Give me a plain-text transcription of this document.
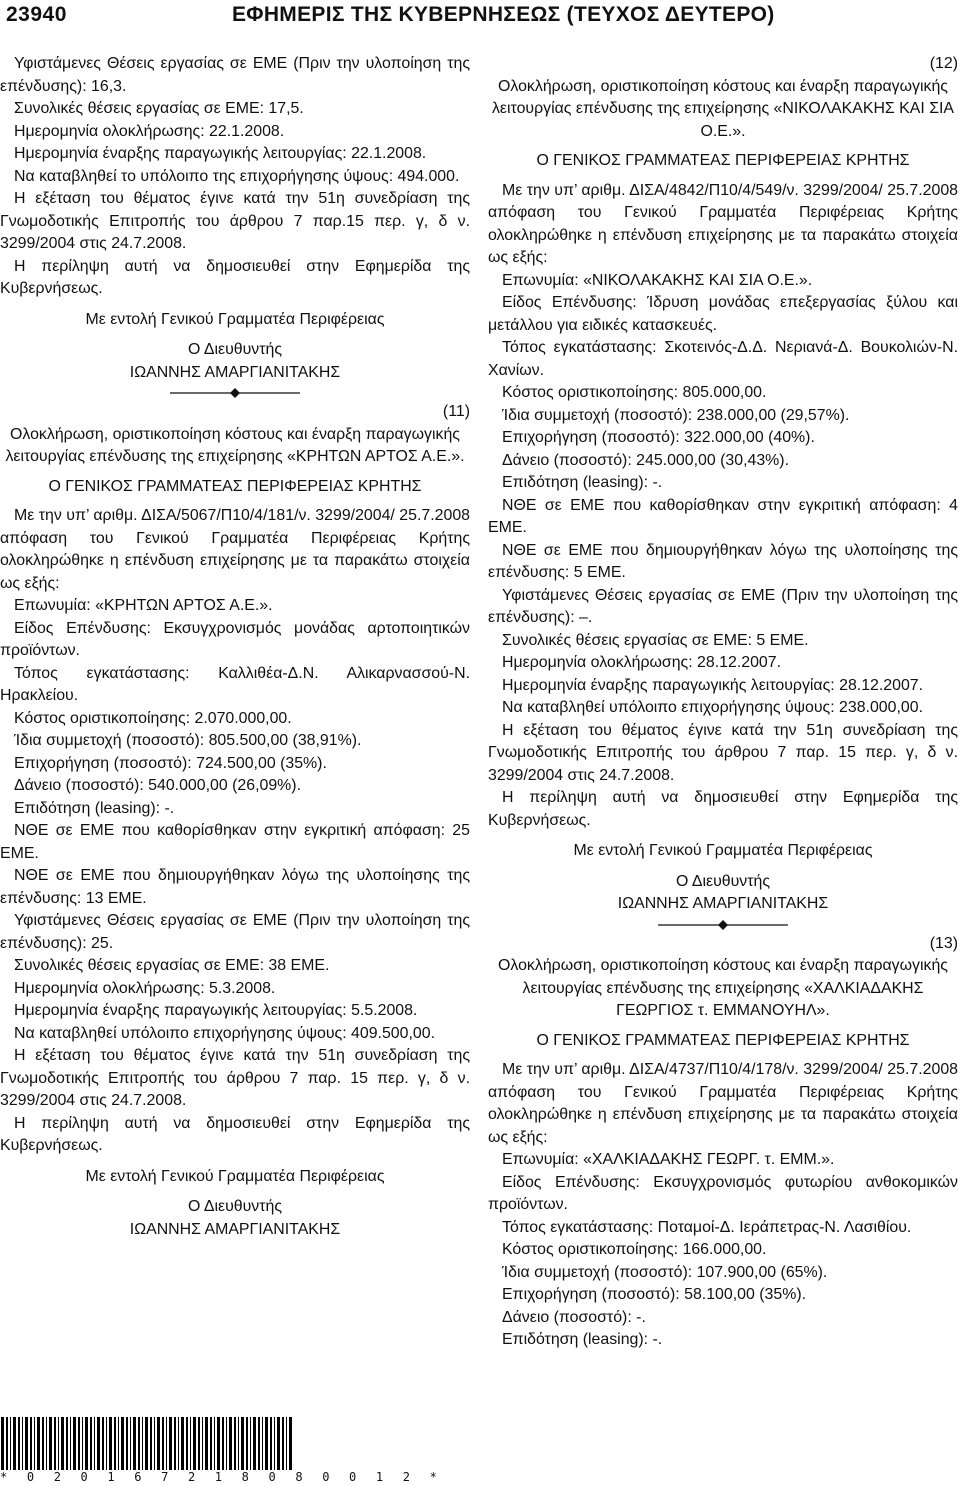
23940	ΕΦΗΜΕΡΙΣ ΤΗΣ ΚΥΒΕΡΝΗΣΕΩΣ (ΤΕΥΧΟΣ ΔΕΥΤΕΡΟ)

Υφιστάμενες Θέσεις εργασίας σε ΕΜΕ (Πριν την υλοποίηση της επένδυσης): 16,3.

Συνολικές θέσεις εργασίας σε ΕΜΕ: 17,5.

Ημερομηνία ολοκλήρωσης: 22.1.2008.

Ημερομηνία έναρξης παραγωγικής λειτουργίας: 22.1.2008.

Να καταβληθεί το υπόλοιπο της επιχορήγησης ύψους: 494.000.

Η εξέταση του θέματος έγινε κατά την 51η συνεδρίαση της Γνωμοδοτικής Επιτροπής του άρθρου 7 παρ.15 περ. γ, δ ν. 3299/2004 στις 24.7.2008.

Η περίληψη αυτή να δημοσιευθεί στην Εφημερίδα της Κυβερνήσεως.

Με εντολή Γενικού Γραμματέα Περιφέρειας

Ο Διευθυντής

ΙΩΑΝΝΗΣ ΑΜΑΡΓΙΑΝΙΤΑΚΗΣ

(11)

Ολοκλήρωση, οριστικοποίηση κόστους και έναρξη παραγωγικής λειτουργίας επένδυσης της επιχείρησης «ΚΡΗΤΩΝ ΑΡΤΟΣ Α.Ε.».

Ο ΓΕΝΙΚΟΣ ΓΡΑΜΜΑΤΕΑΣ ΠΕΡΙΦΕΡΕΙΑΣ ΚΡΗΤΗΣ

Με την υπ’ αριθμ. ΔΙΣΑ/5067/Π10/4/181/ν. 3299/2004/ 25.7.2008 απόφαση του Γενικού Γραμματέα Περιφέρειας Κρήτης ολοκληρώθηκε η επένδυση επιχείρησης με τα παρακάτω στοιχεία ως εξής:

Επωνυμία: «ΚΡΗΤΩΝ ΑΡΤΟΣ Α.Ε.».

Είδος Επένδυσης: Εκσυγχρονισμός μονάδας αρτοποιητικών προϊόντων.

Τόπος εγκατάστασης: Καλλιθέα-Δ.Ν. Αλικαρνασσού-Ν. Ηρακλείου.

Κόστος οριστικοποίησης: 2.070.000,00.

Ίδια συμμετοχή (ποσοστό): 805.500,00 (38,91%).

Επιχορήγηση (ποσοστό): 724.500,00 (35%).

Δάνειο (ποσοστό): 540.000,00 (26,09%).

Επιδότηση (leasing): -.

ΝΘΕ σε ΕΜΕ που καθορίσθηκαν στην εγκριτική απόφαση: 25 ΕΜΕ.

ΝΘΕ σε ΕΜΕ που δημιουργήθηκαν λόγω της υλοποίησης της επένδυσης: 13 ΕΜΕ.

Υφιστάμενες Θέσεις εργασίας σε ΕΜΕ (Πριν την υλοποίηση της επένδυσης): 25.

Συνολικές θέσεις εργασίας σε ΕΜΕ: 38 ΕΜΕ.

Ημερομηνία ολοκλήρωσης: 5.3.2008.

Ημερομηνία έναρξης παραγωγικής λειτουργίας: 5.5.2008.

Να καταβληθεί υπόλοιπο επιχορήγησης ύψους: 409.500,00.

Η εξέταση του θέματος έγινε κατά την 51η συνεδρίαση της Γνωμοδοτικής Επιτροπής του άρθρου 7 παρ. 15 περ. γ, δ ν. 3299/2004 στις 24.7.2008.

Η περίληψη αυτή να δημοσιευθεί στην Εφημερίδα της Κυβερνήσεως.

Με εντολή Γενικού Γραμματέα Περιφέρειας

Ο Διευθυντής

ΙΩΑΝΝΗΣ ΑΜΑΡΓΙΑΝΙΤΑΚΗΣ

(12)

Ολοκλήρωση, οριστικοποίηση κόστους και έναρξη παραγωγικής λειτουργίας επένδυσης της επιχείρησης «ΝΙΚΟΛΑΚΑΚΗΣ ΚΑΙ ΣΙΑ Ο.Ε.».

Ο ΓΕΝΙΚΟΣ ΓΡΑΜΜΑΤΕΑΣ ΠΕΡΙΦΕΡΕΙΑΣ ΚΡΗΤΗΣ

Με την υπ’ αριθμ. ΔΙΣΑ/4842/Π10/4/549/ν. 3299/2004/ 25.7.2008 απόφαση του Γενικού Γραμματέα Περιφέρειας Κρήτης ολοκληρώθηκε η επένδυση επιχείρησης με τα παρακάτω στοιχεία ως εξής:

Επωνυμία: «ΝΙΚΟΛΑΚΑΚΗΣ ΚΑΙ ΣΙΑ Ο.Ε.».

Είδος Επένδυσης: Ίδρυση μονάδας επεξεργασίας ξύλου και μετάλλου για ειδικές κατασκευές.

Τόπος εγκατάστασης: Σκοτεινός-Δ.Δ. Νεριανά-Δ. Βουκολιών-Ν. Χανίων.

Κόστος οριστικοποίησης: 805.000,00.

Ίδια συμμετοχή (ποσοστό): 238.000,00 (29,57%).

Επιχορήγηση (ποσοστό): 322.000,00 (40%).

Δάνειο (ποσοστό): 245.000,00 (30,43%).

Επιδότηση (leasing): -.

ΝΘΕ σε ΕΜΕ που καθορίσθηκαν στην εγκριτική απόφαση: 4 ΕΜΕ.

ΝΘΕ σε ΕΜΕ που δημιουργήθηκαν λόγω της υλοποίησης της επένδυσης: 5 ΕΜΕ.

Υφιστάμενες Θέσεις εργασίας σε ΕΜΕ (Πριν την υλοποίηση της επένδυσης): –.

Συνολικές θέσεις εργασίας σε ΕΜΕ: 5 ΕΜΕ.

Ημερομηνία ολοκλήρωσης: 28.12.2007.

Ημερομηνία έναρξης παραγωγικής λειτουργίας: 28.12.2007.

Να καταβληθεί υπόλοιπο επιχορήγησης ύψους: 238.000,00.

Η εξέταση του θέματος έγινε κατά την 51η συνεδρίαση της Γνωμοδοτικής Επιτροπής του άρθρου 7 παρ. 15 περ. γ, δ ν. 3299/2004 στις 24.7.2008.

Η περίληψη αυτή να δημοσιευθεί στην Εφημερίδα της Κυβερνήσεως.

Με εντολή Γενικού Γραμματέα Περιφέρειας

Ο Διευθυντής

ΙΩΑΝΝΗΣ ΑΜΑΡΓΙΑΝΙΤΑΚΗΣ

(13)

Ολοκλήρωση, οριστικοποίηση κόστους και έναρξη παραγωγικής λειτουργίας επένδυσης της επιχείρησης «ΧΑΛΚΙΑΔΑΚΗΣ ΓΕΩΡΓΙΟΣ τ. ΕΜΜΑΝΟΥΗΛ».

Ο ΓΕΝΙΚΟΣ ΓΡΑΜΜΑΤΕΑΣ ΠΕΡΙΦΕΡΕΙΑΣ ΚΡΗΤΗΣ

Με την υπ’ αριθμ. ΔΙΣΑ/4737/Π10/4/178/ν. 3299/2004/ 25.7.2008 απόφαση του Γενικού Γραμματέα Περιφέρειας Κρήτης ολοκληρώθηκε η επένδυση επιχείρησης με τα παρακάτω στοιχεία ως εξής:

Επωνυμία: «ΧΑΛΚΙΑΔΑΚΗΣ ΓΕΩΡΓ. τ. ΕΜΜ.».

Είδος Επένδυσης: Εκσυγχρονισμός φυτωρίου ανθοκομικών προϊόντων.

Τόπος εγκατάστασης: Ποταμοί-Δ. Ιεράπετρας-Ν. Λασιθίου.

Κόστος οριστικοποίησης: 166.000,00.

Ίδια συμμετοχή (ποσοστό): 107.900,00 (65%).

Επιχορήγηση (ποσοστό): 58.100,00 (35%).

Δάνειο (ποσοστό): -.

Επιδότηση (leasing): -.

* 0 2 0 1 6 7 2 1 8 0 8 0 0 1 2 *
